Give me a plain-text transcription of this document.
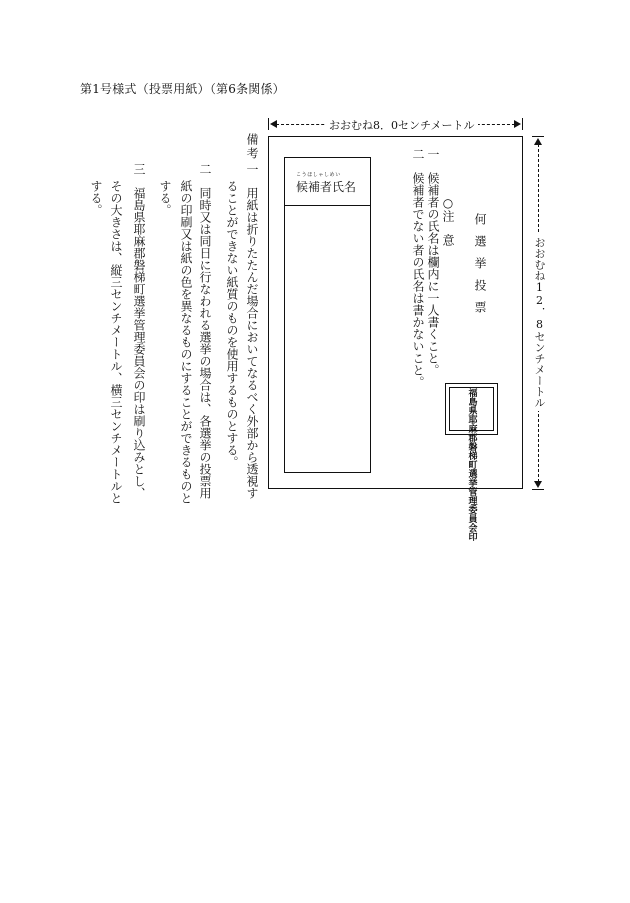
第1号様式（投票用紙）（第6条関係）
おおむね8．0センチメートル
おおむね12．8センチメートル
こうほしゃしめい
候補者氏名
何選挙投票
○注　意
一　候補者の氏名は欄内に一人書くこと。
二　候補者でない者の氏名は書かないこと。
福島県耶麻郡磐梯町選挙管理委員会印
備考
一　用紙は折りたたんだ場合においてなるべく外部から透視す
ることができない紙質のものを使用するものとする。
二　同時又は同日に行なわれる選挙の場合は、各選挙の投票用
紙の印刷又は紙の色を異なるものにすることができるものと
する。
三　福島県耶麻郡磐梯町選挙管理委員会の印は刷り込みとし、
その大きさは、縦三センチメートル、横三センチメートルと
する。
